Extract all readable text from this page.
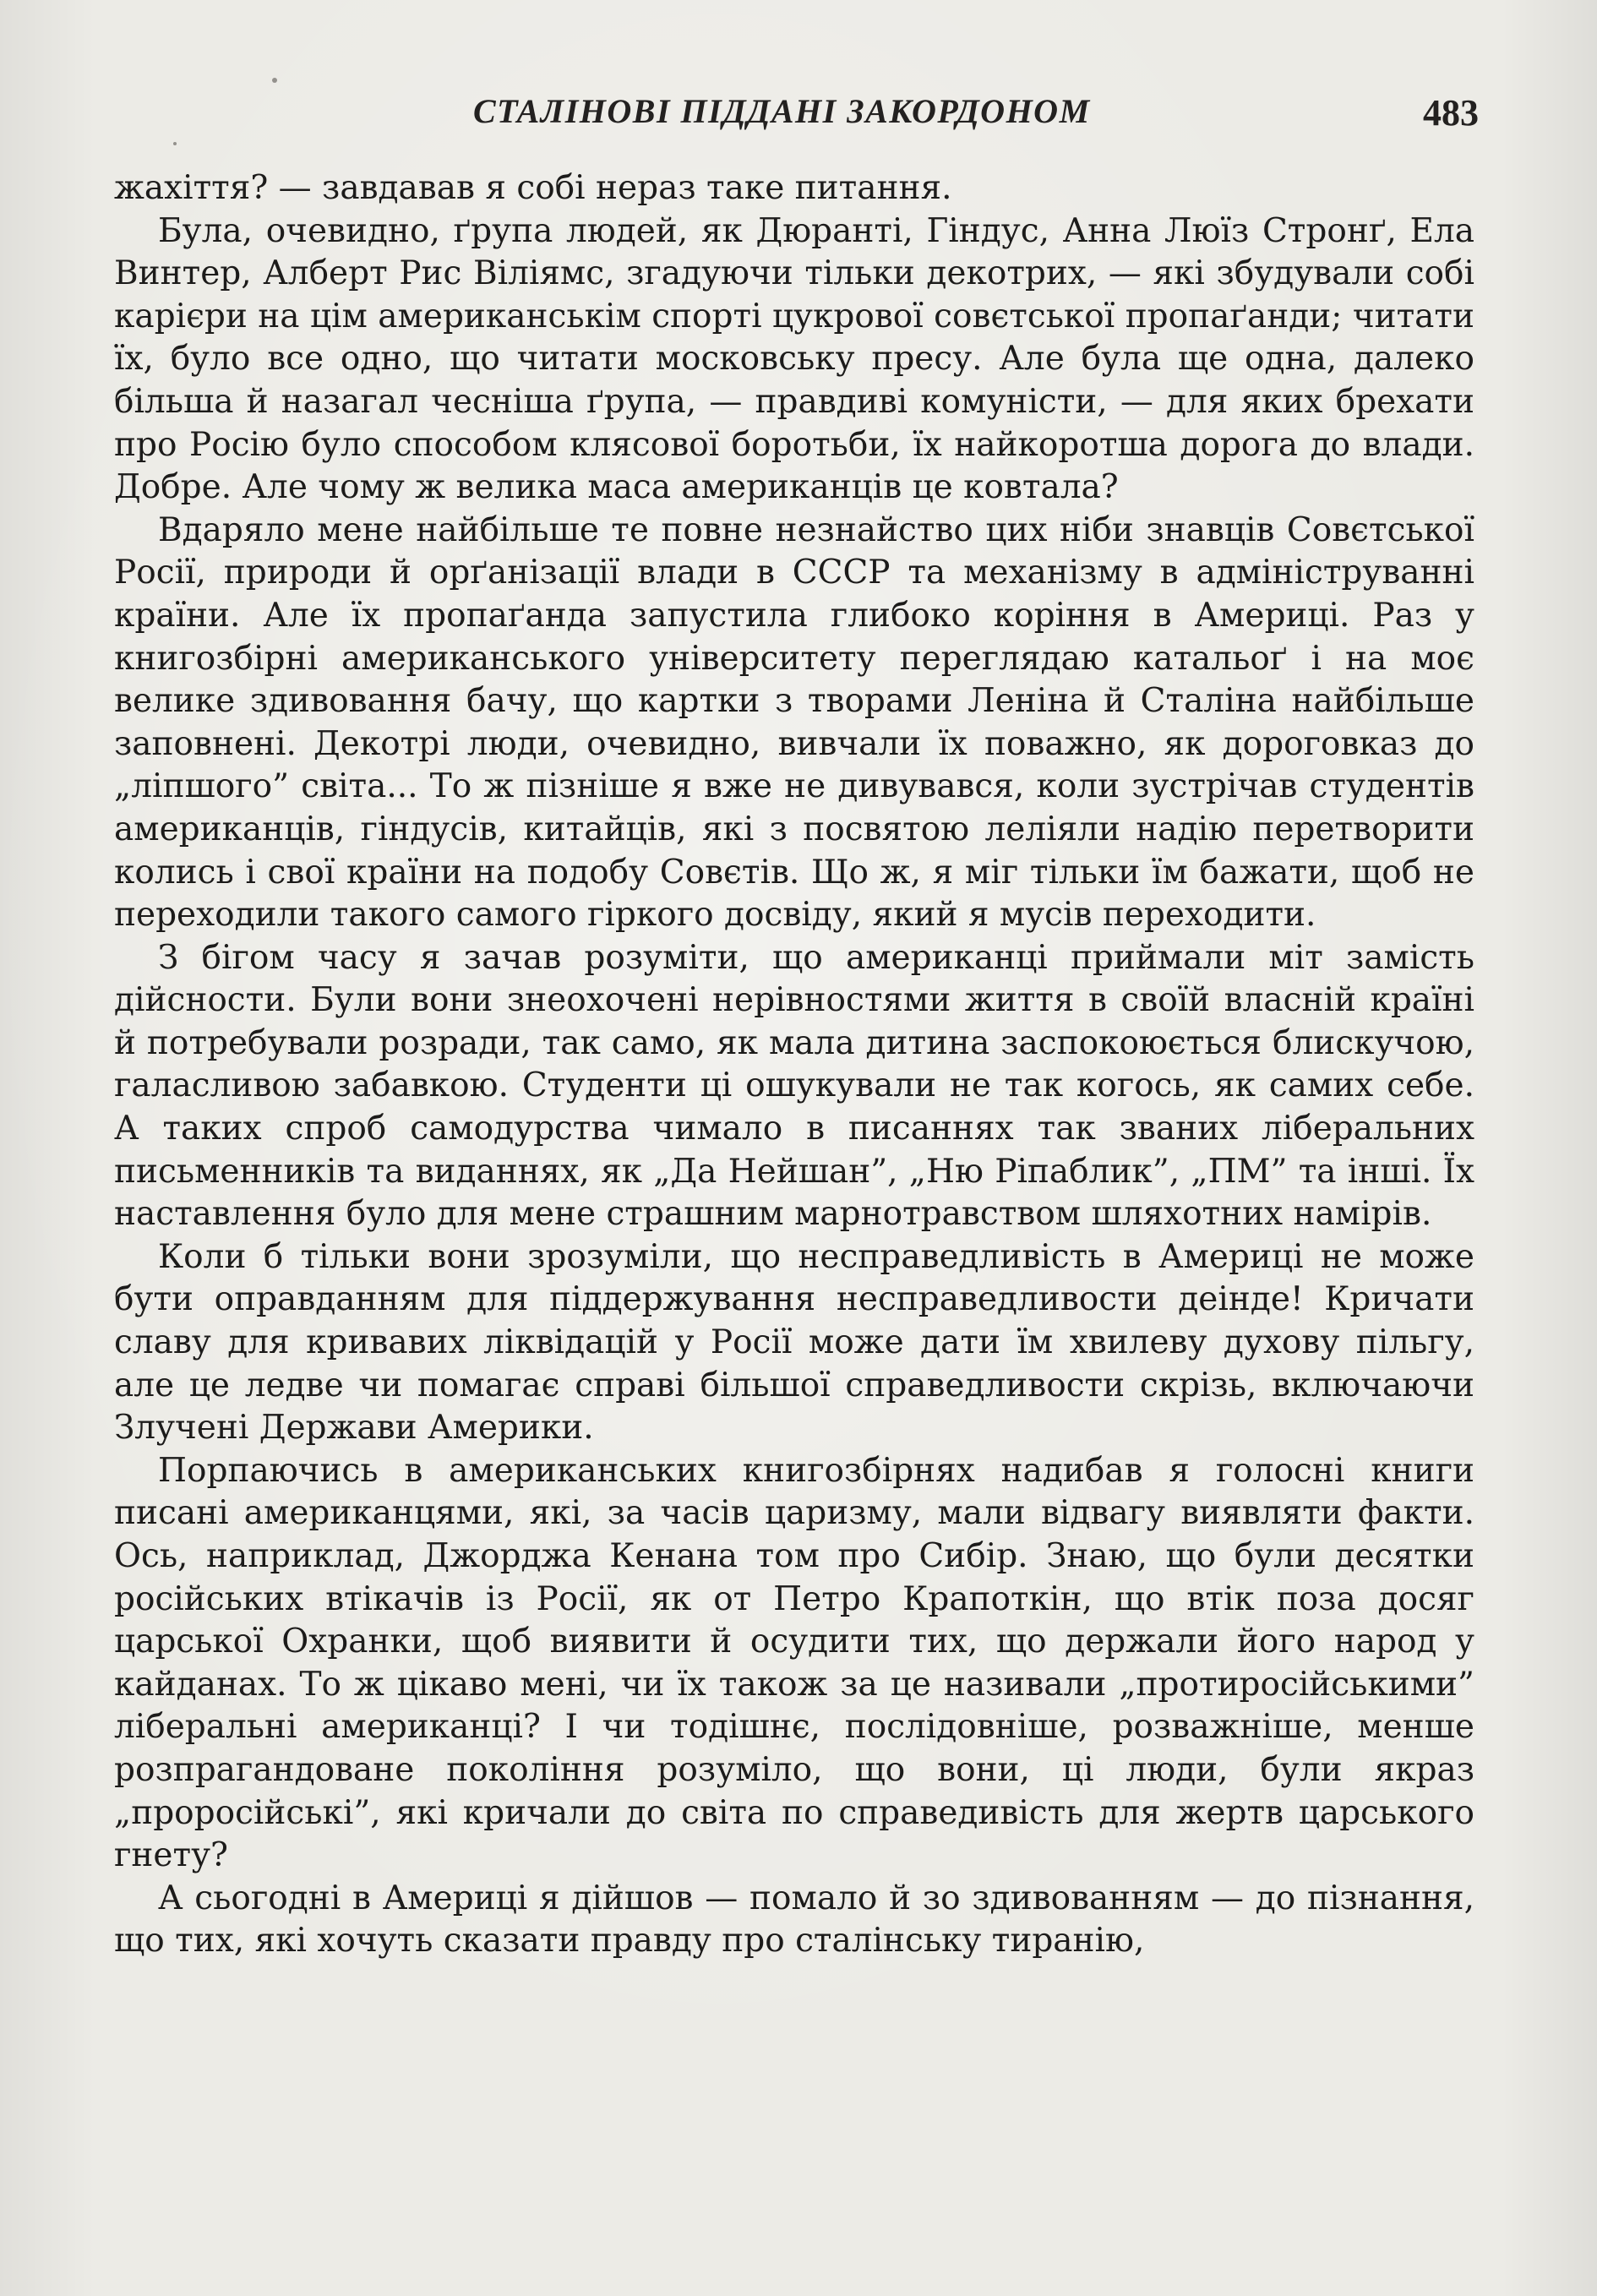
СТАЛІНОВІ ПІДДАНІ ЗАКОРДОНОМ	483

жахіття? — завдавав я собі нераз таке питання.

Була, очевидно, ґрупа людей, як Дюранті, Гіндус, Анна Люїз Стронґ, Ела Винтер, Алберт Рис Віліямс, згадуючи тільки декотрих, — які збудували собі карієри на цім американськім спорті цукрової совєтської пропаґанди; читати їх, було все одно, що читати московську пресу. Але була ще одна, далеко більша й назагал чесніша ґрупа, — правдиві комуністи, — для яких брехати про Росію було способом клясової боротьби, їх найкоротша дорога до влади. Добре. Але чому ж велика маса американців це ковтала?

Вдаряло мене найбільше те повне незнайство цих ніби знавців Совєтської Росії, природи й орґанізації влади в СССР та механізму в адмініструванні країни. Але їх пропаґанда запустила глибоко коріння в Америці. Раз у книгозбірні американського університету переглядаю катальоґ і на моє велике здивовання бачу, що картки з творами Леніна й Сталіна найбільше заповнені. Декотрі люди, очевидно, вивчали їх поважно, як дороговказ до „ліпшого” світа... То ж пізніше я вже не дивувався, коли зустрічав студентів американців, гіндусів, китайців, які з посвятою леліяли надію перетворити колись і свої країни на подобу Совєтів. Що ж, я міг тільки їм бажати, щоб не переходили такого самого гіркого досвіду, який я мусів переходити.

З бігом часу я зачав розуміти, що американці приймали міт замість дійсности. Були вони знеохочені нерівностями життя в своїй власній країні й потребували розради, так само, як мала дитина заспокоюється блискучою, галасливою забавкою. Студенти ці ошукували не так когось, як самих себе. А таких спроб самодурства чимало в писаннях так званих ліберальних письменників та виданнях, як „Да Нейшан”, „Ню Ріпаблик”, „ПМ” та інші. Їх наставлення було для мене страшним марнотравством шляхотних намірів.

Коли б тільки вони зрозуміли, що несправедливість в Америці не може бути оправданням для піддержування несправедливости деінде! Кричати славу для кривавих ліквідацій у Росії може дати їм хвилеву духову пільгу, але це ледве чи помагає справі більшої справедливости скрізь, включаючи Злучені Держави Америки.

Порпаючись в американських книгозбірнях надибав я голосні книги писані американцями, які, за часів царизму, мали відвагу виявляти факти. Ось, наприклад, Джорджа Кенана том про Сибір. Знаю, що були десятки російських втікачів із Росії, як от Петро Крапоткін, що втік поза досяг царської Охранки, щоб виявити й осудити тих, що держали його народ у кайданах. То ж цікаво мені, чи їх також за це називали „протиросійськими” ліберальні американці? І чи тодішнє, послідовніше, розважніше, менше розпрагандоване покоління розуміло, що вони, ці люди, були якраз „проросійські”, які кричали до світа по справедивість для жертв царського гнету?

А сьогодні в Америці я дійшов — помало й зо здивованням — до пізнання, що тих, які хочуть сказати правду про сталінську тиранію,
